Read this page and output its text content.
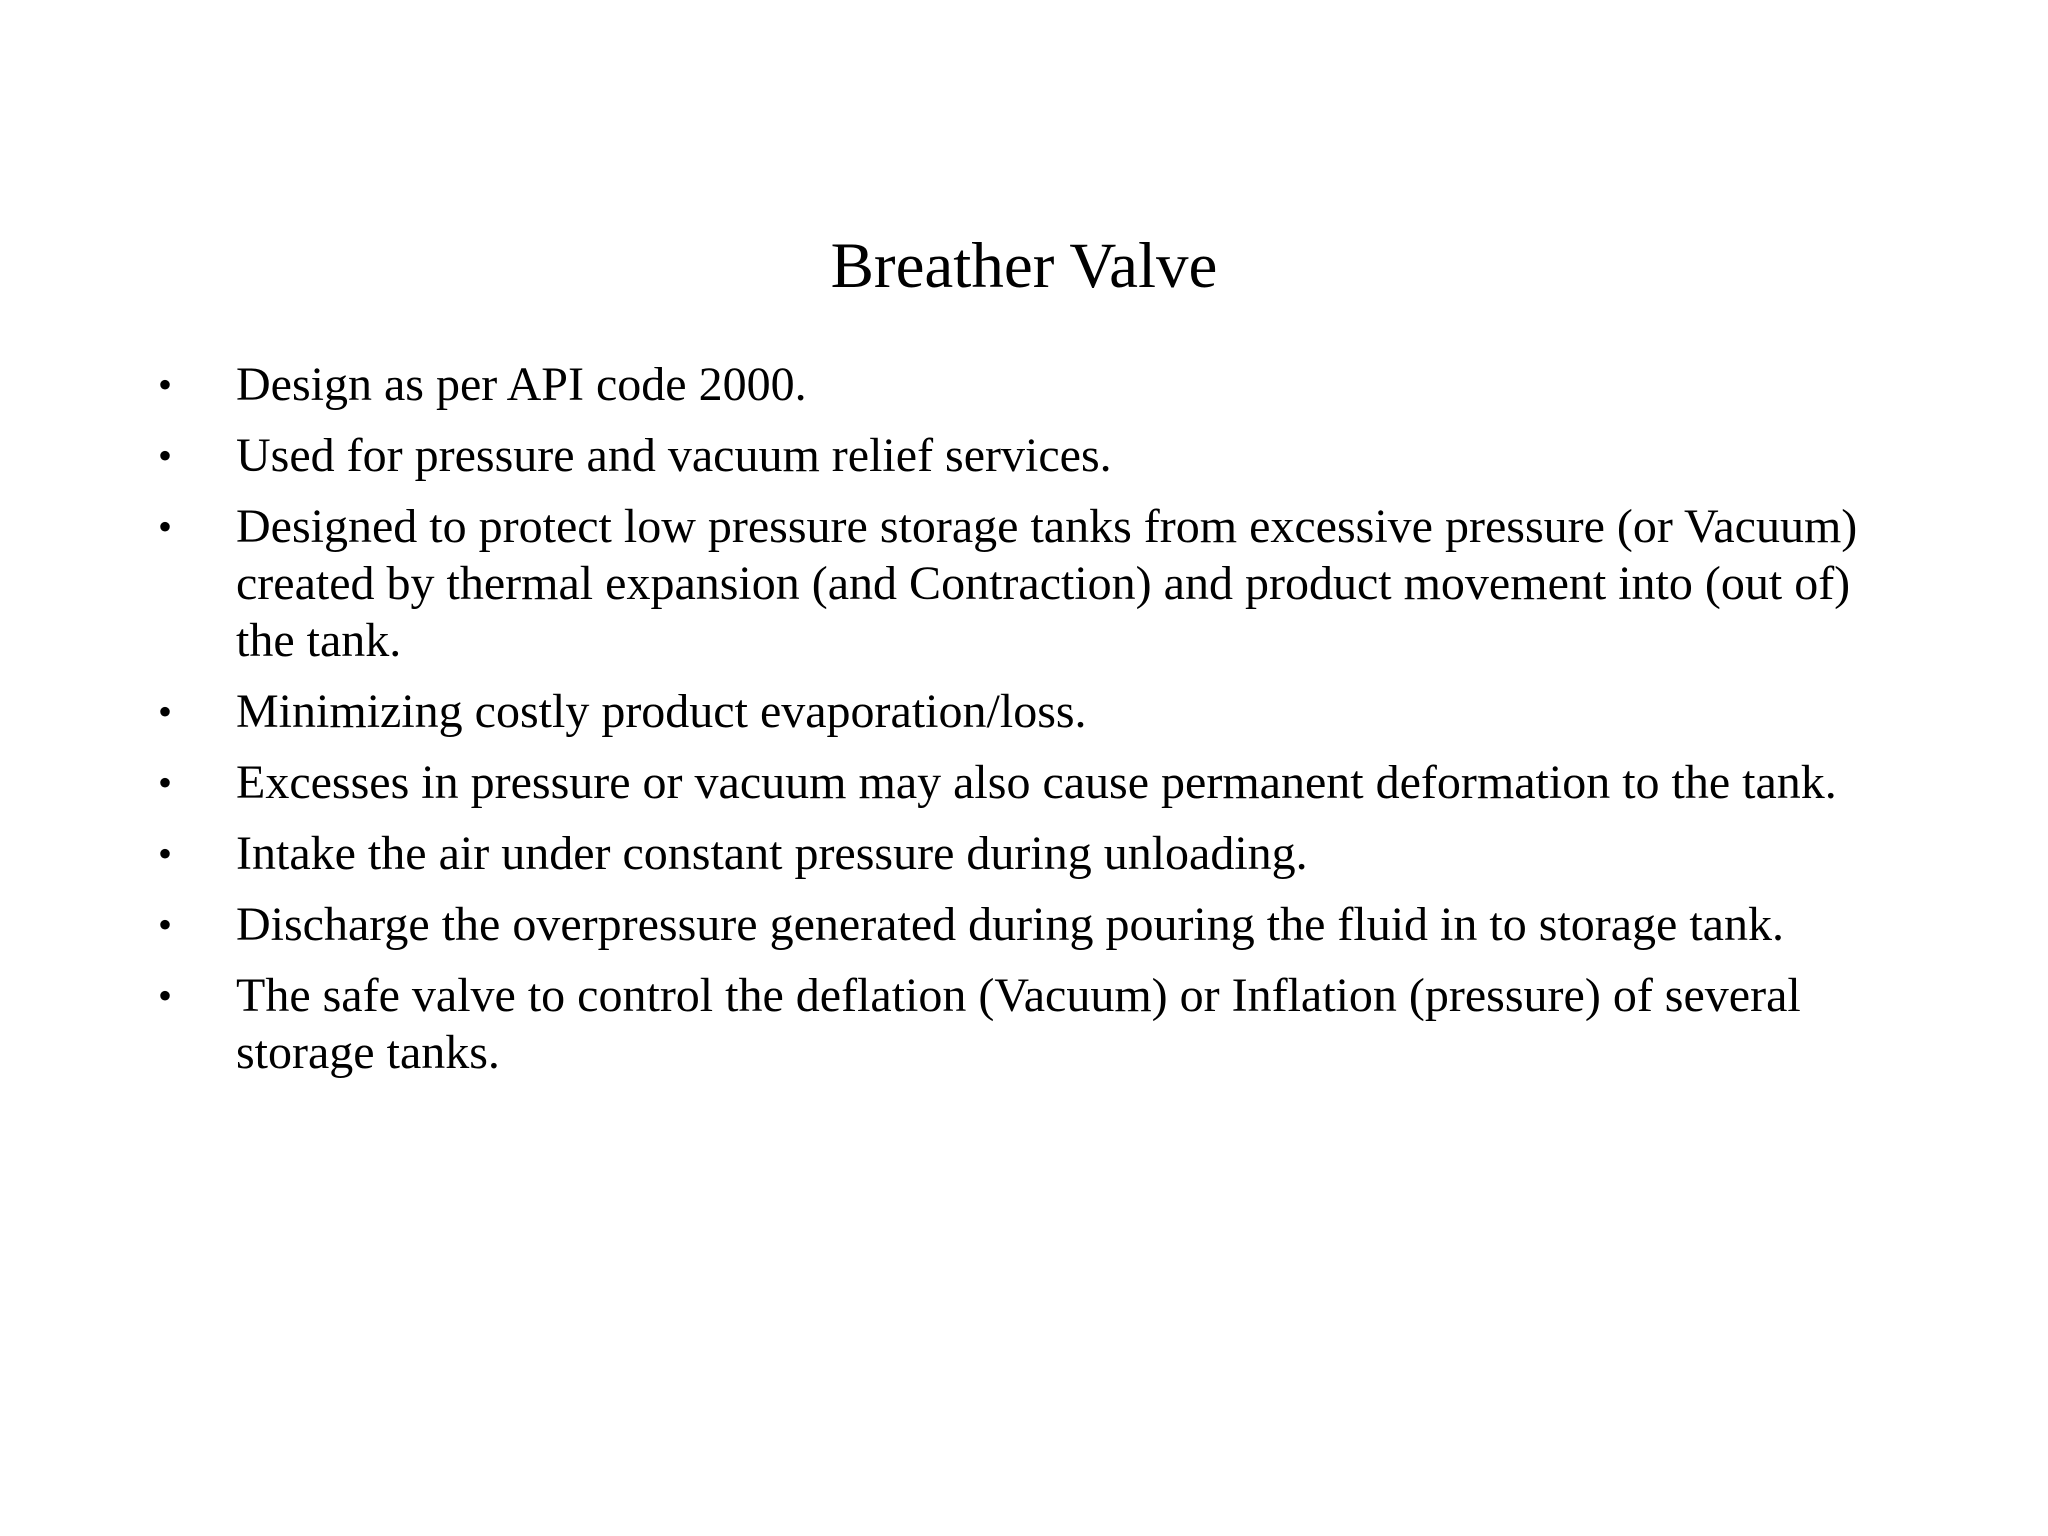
Breather Valve
•	Design as per API code 2000.
•	Used for pressure and vacuum relief services.
•	Designed to protect low pressure storage tanks from excessive pressure (or Vacuum) created by thermal expansion (and Contraction) and product movement into (out of) the tank.
•	Minimizing costly product evaporation/loss.
•	Excesses in pressure or vacuum may also cause permanent deformation to the tank.
•	Intake the air under constant pressure during unloading.
•	Discharge the overpressure generated during pouring the fluid in to storage tank.
•	The safe valve to control the deflation (Vacuum) or Inflation (pressure) of several storage tanks.
